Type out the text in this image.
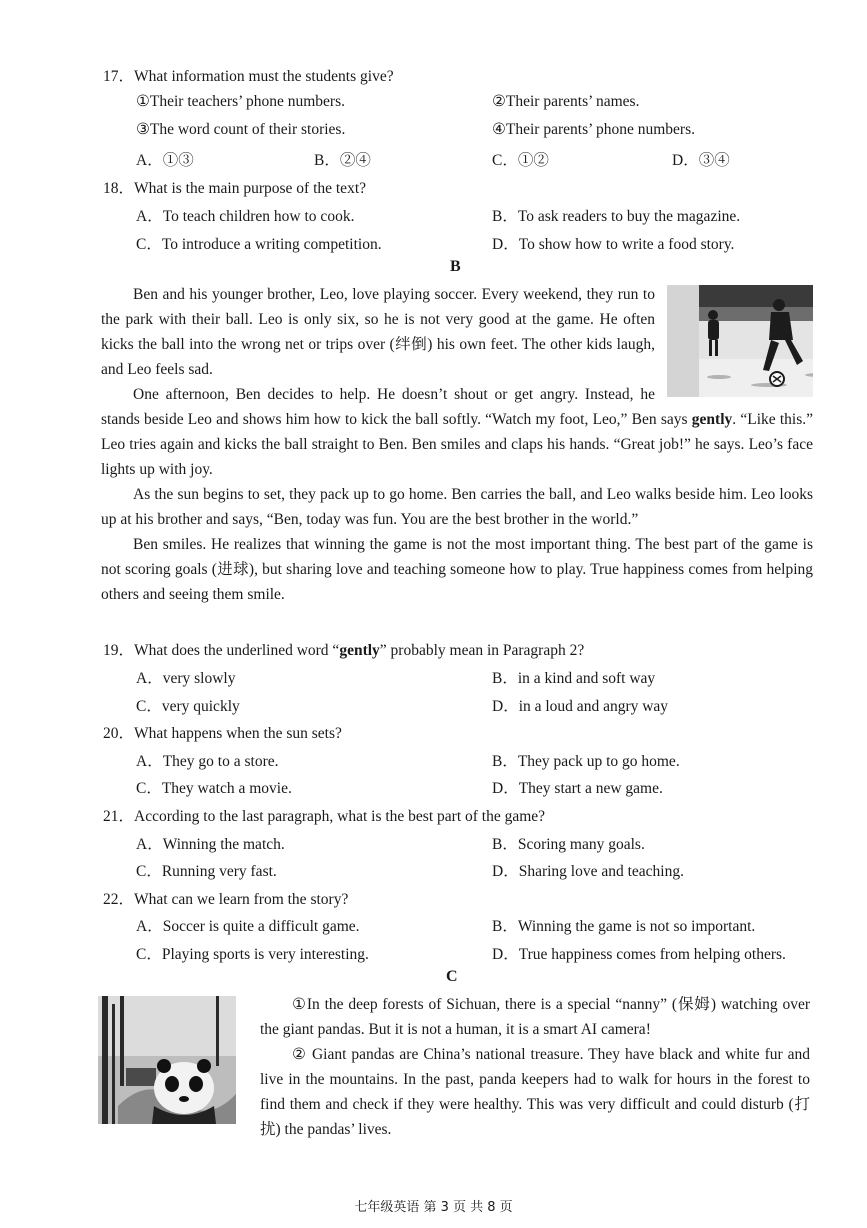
17．What information must the students give?
①Their teachers’ phone numbers.	②Their parents’ names.
③The word count of their stories.	④Their parents’ phone numbers.
A．①③	B．②④	C．①②	D．③④
18．What is the main purpose of the text?
A．To teach children how to cook.	B．To ask readers to buy the magazine.
C．To introduce a writing competition.	D．To show how to write a food story.
B

Ben and his younger brother, Leo, love playing soccer. Every weekend, they run to the park with their ball. Leo is only six, so he is not very good at the game. He often kicks the ball into the wrong net or trips over (绊倒) his own feet. The other kids laugh, and Leo feels sad.

One afternoon, Ben decides to help. He doesn’t shout or get angry. Instead, he stands beside Leo and shows him how to kick the ball softly. “Watch my foot, Leo,” Ben says gently. “Like this.” Leo tries again and kicks the ball straight to Ben. Ben smiles and claps his hands. “Great job!” he says. Leo’s face lights up with joy.

As the sun begins to set, they pack up to go home. Ben carries the ball, and Leo walks beside him. Leo looks up at his brother and says, “Ben, today was fun. You are the best brother in the world.”

Ben smiles. He realizes that winning the game is not the most important thing. The best part of the game is not scoring goals (进球), but sharing love and teaching someone how to play. True happiness comes from helping others and seeing them smile.

19．What does the underlined word “gently” probably mean in Paragraph 2?
A．very slowly	B．in a kind and soft way
C．very quickly	D．in a loud and angry way
20．What happens when the sun sets?
A．They go to a store.	B．They pack up to go home.
C．They watch a movie.	D．They start a new game.
21．According to the last paragraph, what is the best part of the game?
A．Winning the match.	B．Scoring many goals.
C．Running very fast.	D．Sharing love and teaching.
22．What can we learn from the story?
A．Soccer is quite a difficult game.	B．Winning the game is not so important.
C．Playing sports is very interesting.	D．True happiness comes from helping others.
C

①In the deep forests of Sichuan, there is a special “nanny” (保姆) watching over the giant pandas. But it is not a human, it is a smart AI camera!

② Giant pandas are China’s national treasure. They have black and white fur and live in the mountains. In the past, panda keepers had to walk for hours in the forest to find them and check if they were healthy. This was very difficult and could disturb (打扰) the pandas’ lives.

七年级英语 第 3 页 共 8 页
